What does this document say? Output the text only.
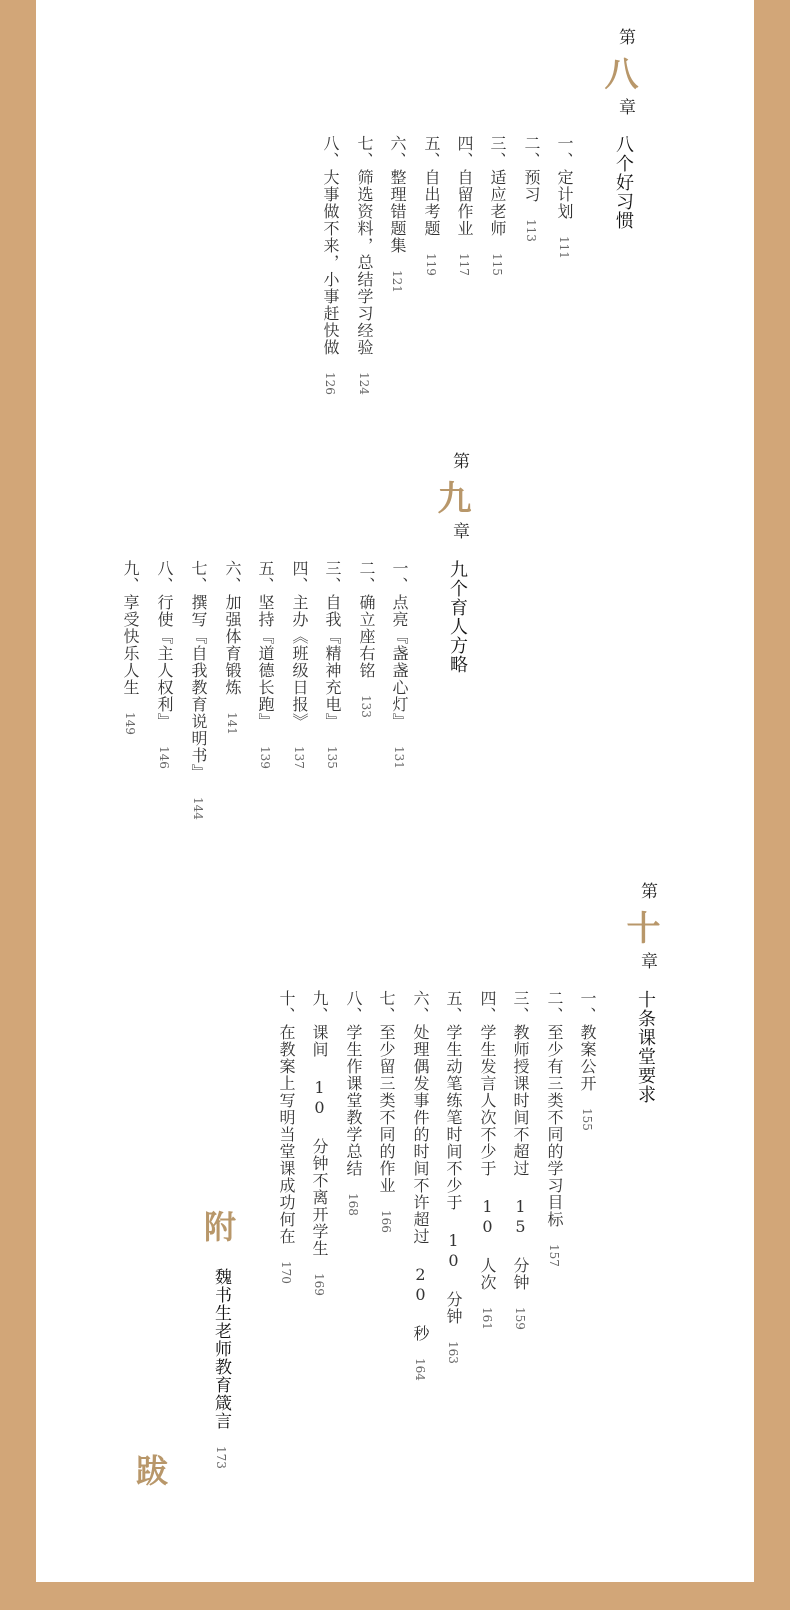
第
八
章
八个好习惯
一、定计划111
二、预习113
三、适应老师115
四、自留作业117
五、自出考题119
六、整理错题集121
七、筛选资料，总结学习经验124
八、大事做不来，小事赶快做126
第
九
章
九个育人方略
一、点亮『盏盏心灯』131
二、确立座右铭133
三、自我『精神充电』135
四、主办《班级日报》137
五、坚持『道德长跑』139
六、加强体育锻炼141
七、撰写『自我教育说明书』144
八、行使『主人权利』146
九、享受快乐人生149
第
十
章
十条课堂要求
一、教案公开155
二、至少有三类不同的学习目标157
三、教师授课时间不超过 15 分钟159
四、学生发言人次不少于 10 人次161
五、学生动笔练笔时间不少于 10 分钟163
六、处理偶发事件的时间不许超过 20 秒164
七、至少留三类不同的作业166
八、学生作课堂教学总结168
九、课间 10 分钟不离开学生169
十、在教案上写明当堂课成功何在170
附
魏书生老师教育箴言173
跋
